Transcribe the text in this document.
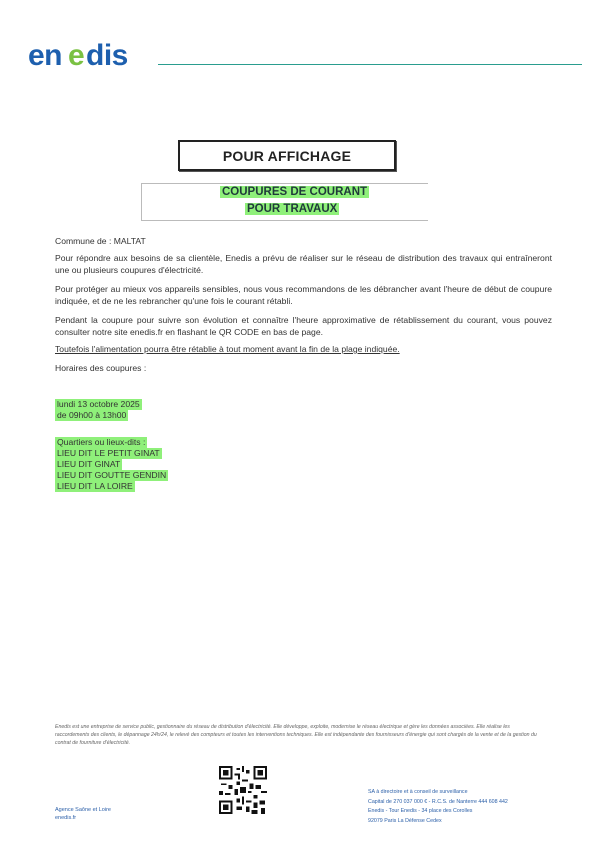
en e dis
POUR AFFICHAGE
COUPURES DE COURANT
POUR TRAVAUX
Commune de : MALTAT
Pour répondre aux besoins de sa clientèle, Enedis a prévu de réaliser sur le réseau de distribution des travaux qui entraîneront une ou plusieurs coupures d'électricité.
Pour protéger au mieux vos appareils sensibles, nous vous recommandons de les débrancher avant l'heure de début de coupure indiquée, et de ne les rebrancher qu'une fois le courant rétabli.
Pendant la coupure pour suivre son évolution et connaître l'heure approximative de rétablissement du courant, vous pouvez consulter notre site enedis.fr en flashant le QR CODE en bas de page.
Toutefois l'alimentation pourra être rétablie à tout moment avant la fin de la plage indiquée.
Horaires des coupures :
lundi 13 octobre 2025
de 09h00 à 13h00
Quartiers ou lieux-dits :
LIEU DIT LE PETIT GINAT
LIEU DIT GINAT
LIEU DIT GOUTTE GENDIN
LIEU DIT LA LOIRE
Enedis est une entreprise de service public, gestionnaire du réseau de distribution d'électricité. Elle développe, exploite, modernise le réseau électrique et gère les données associées. Elle réalise les raccordements des clients, le dépannage 24h/24, le relevé des compteurs et toutes les interventions techniques. Elle est indépendante des fournisseurs d'énergie qui sont chargés de la vente et de la gestion du contrat de fourniture d'électricité.
Agence Saône et Loire
enedis.fr
SA à directoire et à conseil de surveillance
Capital de 270 037 000 € - R.C.S. de Nanterre 444 608 442
Enedis - Tour Enedis - 34 place des Corolles
92079 Paris La Défense Cedex
